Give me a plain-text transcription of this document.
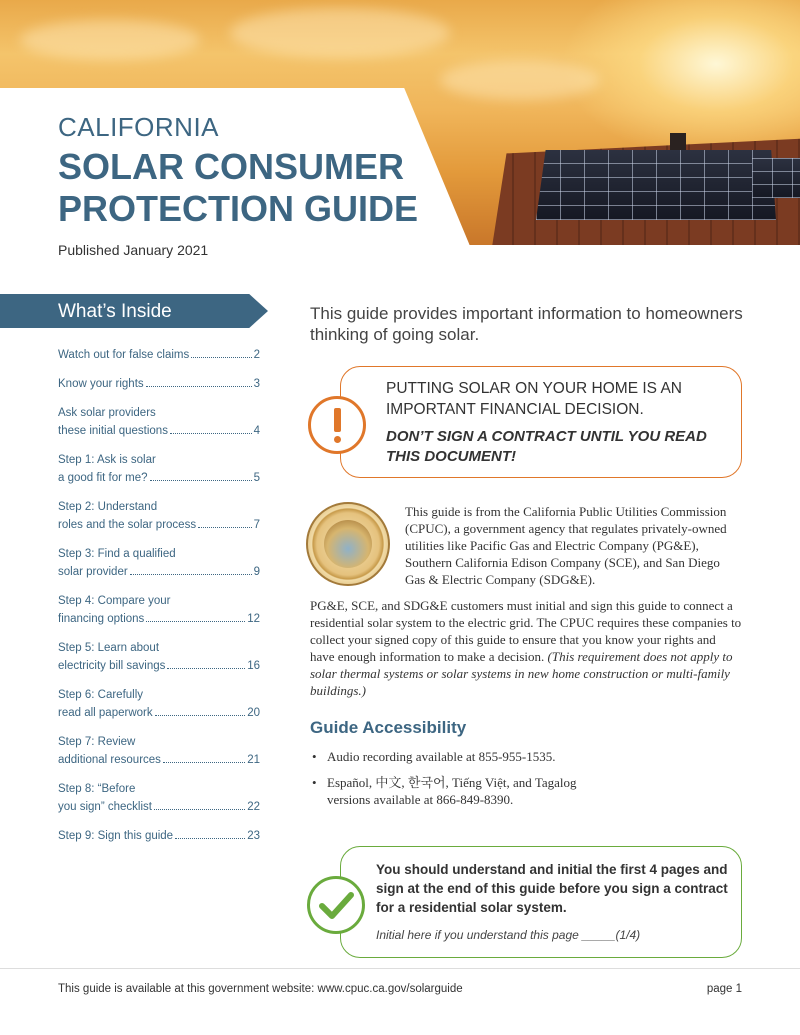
CALIFORNIA
SOLAR CONSUMER
PROTECTION GUIDE
Published January 2021
What’s Inside
Watch out for false claims	2
Know your rights	3
Ask solar providers
these initial questions	4
Step 1: Ask is solar
a good fit for me?	5
Step 2: Understand
roles and the solar process	7
Step 3: Find a qualified
solar provider	9
Step 4: Compare your
financing options	12
Step 5: Learn about
electricity bill savings	16
Step 6: Carefully
read all paperwork	20
Step 7: Review
additional resources	21
Step 8: “Before
you sign” checklist	22
Step 9: Sign this guide	23
This guide provides important information to homeowners thinking of going solar.
PUTTING SOLAR ON YOUR HOME IS AN IMPORTANT FINANCIAL DECISION.
DON’T SIGN A CONTRACT UNTIL YOU READ THIS DOCUMENT!
This guide is from the California Public Utilities Commission (CPUC), a government agency that regulates privately-owned utilities like Pacific Gas and Electric Company (PG&E), Southern California Edison Company (SCE), and San Diego Gas & Electric Company (SDG&E).
PG&E, SCE, and SDG&E customers must initial and sign this guide to connect a residential solar system to the electric grid. The CPUC requires these companies to collect your signed copy of this guide to ensure that you know your rights and have enough information to make a decision. (This requirement does not apply to solar thermal systems or solar systems in new home construction or multi-family buildings.)
Guide Accessibility
• Audio recording available at 855-955-1535.
• Español, 中文, 한국어, Tiếng Việt, and Tagalog
versions available at 866-849-8390.
You should understand and initial the first 4 pages and sign at the end of this guide before you sign a contract for a residential solar system.
Initial here if you understand this page _____(1/4)
This guide is available at this government website: www.cpuc.ca.gov/solarguide	page 1
